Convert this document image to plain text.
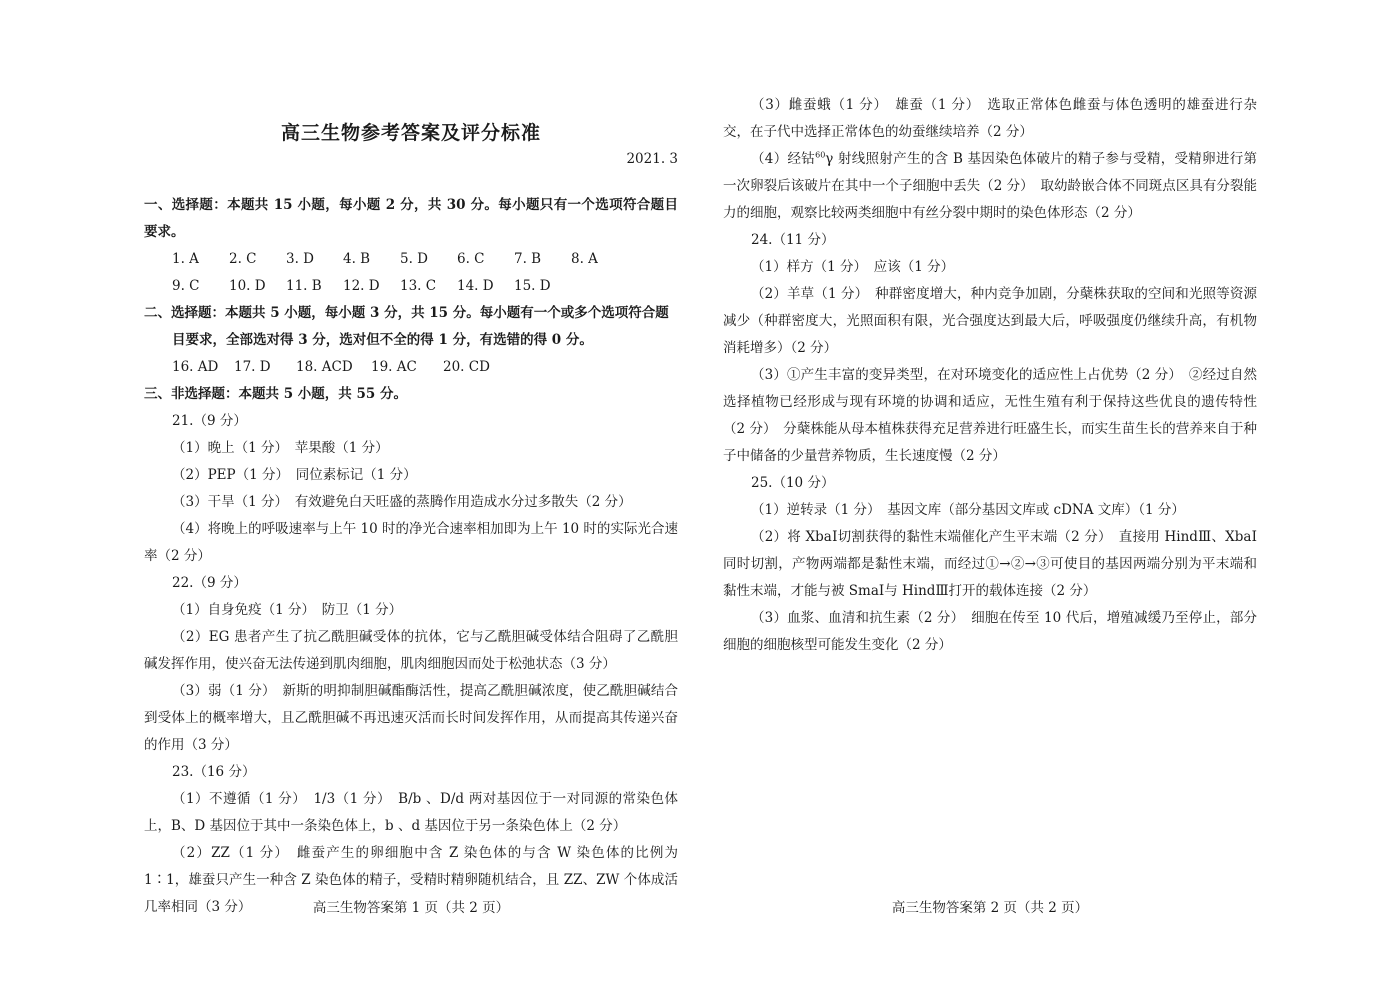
高三生物参考答案及评分标准
2021. 3

一、选择题：本题共 15 小题，每小题 2 分，共 30 分。每小题只有一个选项符合题目要求。

1. A 2. C 3. D 4. B 5. D 6. C 7. B 8. A

9. C 10. D 11. B 12. D 13. C 14. D 15. D

二、选择题：本题共 5 小题，每小题 3 分，共 15 分。每小题有一个或多个选项符合题

目要求，全部选对得 3 分，选对但不全的得 1 分，有选错的得 0 分。

16. AD 17. D 18. ACD 19. AC 20. CD

三、非选择题：本题共 5 小题，共 55 分。

21.（9 分）

（1）晚上（1 分）　苹果酸（1 分）

（2）PEP（1 分）　同位素标记（1 分）

（3）干旱（1 分）　有效避免白天旺盛的蒸腾作用造成水分过多散失（2 分）

（4）将晚上的呼吸速率与上午 10 时的净光合速率相加即为上午 10 时的实际光合速率（2 分）

22.（9 分）

（1）自身免疫（1 分）　防卫（1 分）

（2）EG 患者产生了抗乙酰胆碱受体的抗体，它与乙酰胆碱受体结合阻碍了乙酰胆碱发挥作用，使兴奋无法传递到肌肉细胞，肌肉细胞因而处于松弛状态（3 分）

（3）弱（1 分）　新斯的明抑制胆碱酯酶活性，提高乙酰胆碱浓度，使乙酰胆碱结合到受体上的概率增大，且乙酰胆碱不再迅速灭活而长时间发挥作用，从而提高其传递兴奋的作用（3 分）

23.（16 分）

（1）不遵循（1 分）　1/3（1 分）　B/b 、D/d 两对基因位于一对同源的常染色体上，B、D 基因位于其中一条染色体上，b 、d 基因位于另一条染色体上（2 分）

（2）ZZ（1 分）　雌蚕产生的卵细胞中含 Z 染色体的与含 W 染色体的比例为 1∶1，雄蚕只产生一种含 Z 染色体的精子，受精时精卵随机结合，且 ZZ、ZW 个体成活几率相同（3 分）	高三生物答案第 1 页（共 2 页）

（3）雌蚕蛾（1 分）　雄蚕（1 分）　选取正常体色雌蚕与体色透明的雄蚕进行杂交，在子代中选择正常体色的幼蚕继续培养（2 分）

（4）经钴$^{60}$γ 射线照射产生的含 B 基因染色体破片的精子参与受精，受精卵进行第一次卵裂后该破片在其中一个子细胞中丢失（2 分）　取幼龄嵌合体不同斑点区具有分裂能力的细胞，观察比较两类细胞中有丝分裂中期时的染色体形态（2 分）

24.（11 分）

（1）样方（1 分）　应该（1 分）

（2）羊草（1 分）　种群密度增大，种内竞争加剧，分蘖株获取的空间和光照等资源减少（种群密度大，光照面积有限，光合强度达到最大后，呼吸强度仍继续升高，有机物消耗增多）（2 分）

（3）①产生丰富的变异类型，在对环境变化的适应性上占优势（2 分）　②经过自然选择植物已经形成与现有环境的协调和适应，无性生殖有利于保持这些优良的遗传特性（2 分）　分蘖株能从母本植株获得充足营养进行旺盛生长，而实生苗生长的营养来自于种子中储备的少量营养物质，生长速度慢（2 分）

25.（10 分）

（1）逆转录（1 分）　基因文库（部分基因文库或 cDNA 文库）（1 分）

（2）将 XbaⅠ切割获得的黏性末端催化产生平末端（2 分）　直接用 HindⅢ、XbaⅠ同时切割，产物两端都是黏性末端，而经过①→②→③可使目的基因两端分别为平末端和黏性末端，才能与被 SmaⅠ与 HindⅢ打开的载体连接（2 分）

（3）血浆、血清和抗生素（2 分）　细胞在传至 10 代后，增殖减缓乃至停止，部分细胞的细胞核型可能发生变化（2 分）

高三生物答案第 2 页（共 2 页）
